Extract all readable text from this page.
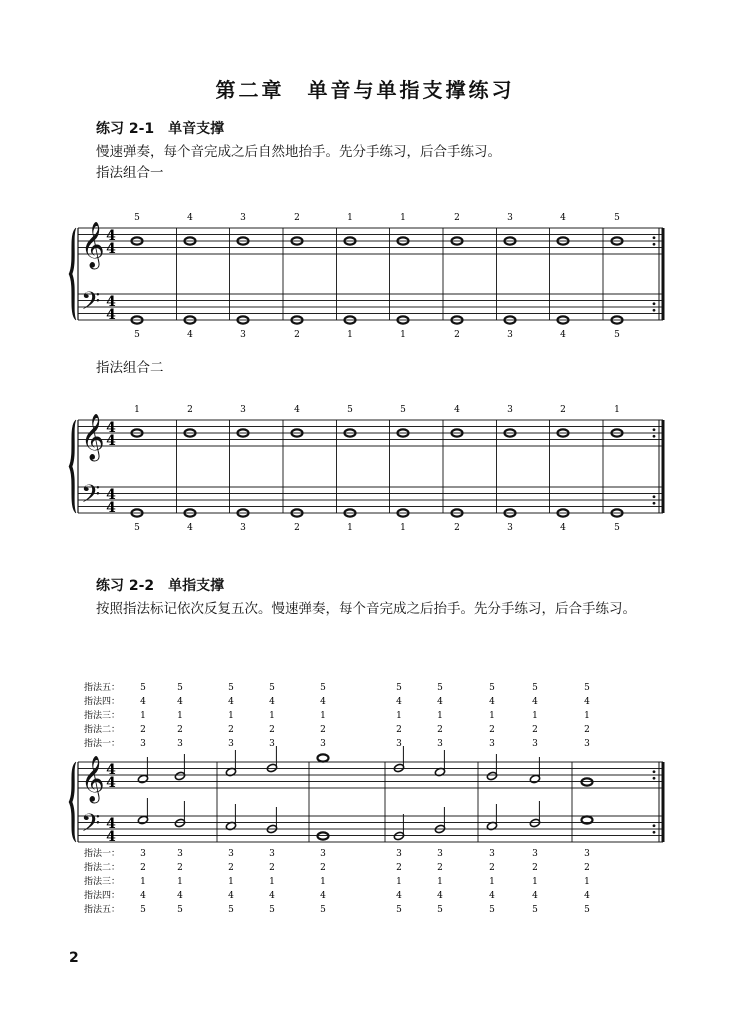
第二章　单音与单指支撑练习
练习 2-1　单音支撑
慢速弹奏，每个音完成之后自然地抬手。先分手练习，后合手练习。
指法组合一
指法组合二
练习 2-2　单指支撑
按照指法标记依次反复五次。慢速弹奏，每个音完成之后抬手。先分手练习，后合手练习。
2
𝄞
𝄢
4
4
4
4
5
5
4
4
3
3
2
2
1
1
1
1
2
2
3
3
4
4
5
5
𝄞
𝄢
4
4
4
4
1
5
2
4
3
3
4
2
5
1
5
1
4
2
3
3
2
4
1
5
指法五： 5	5	5	5	5	5	5	5	5	5
指法四： 4	4	4	4	4	4	4	4	4	4
指法三： 1	1	1	1	1	1	1	1	1	1
指法二： 2	2	2	2	2	2	2	2	2	2
指法一： 3	3	3	3	3	3	3	3	3	3
𝄞
𝄢
4
4
4
4
指法一： 3	3	3	3	3	3	3	3	3	3
指法二： 2	2	2	2	2	2	2	2	2	2
指法三： 1	1	1	1	1	1	1	1	1	1
指法四： 4	4	4	4	4	4	4	4	4	4
指法五： 5	5	5	5	5	5	5	5	5	5
